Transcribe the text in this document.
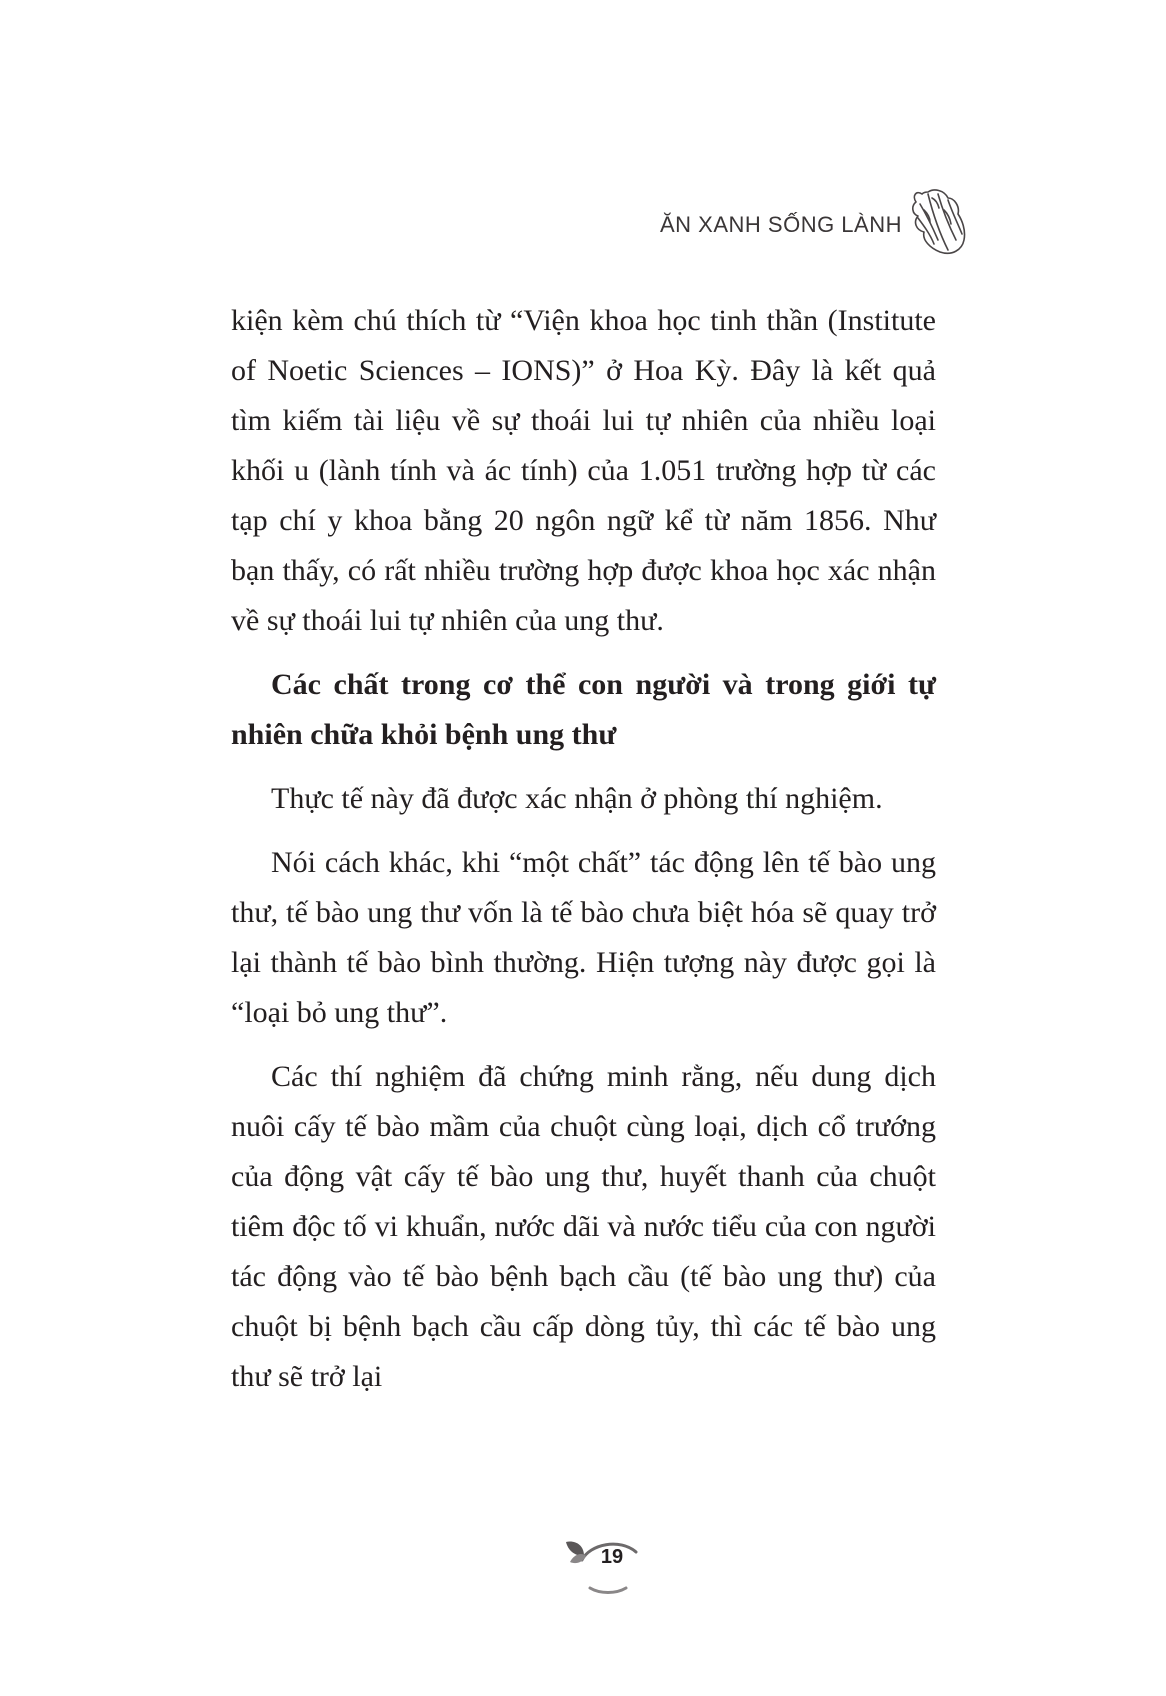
ĂN XANH SỐNG LÀNH

kiện kèm chú thích từ “Viện khoa học tinh thần (Institute of Noetic Sciences – IONS)” ở Hoa Kỳ. Đây là kết quả tìm kiếm tài liệu về sự thoái lui tự nhiên của nhiều loại khối u (lành tính và ác tính) của 1.051 trường hợp từ các tạp chí y khoa bằng 20 ngôn ngữ kể từ năm 1856. Như bạn thấy, có rất nhiều trường hợp được khoa học xác nhận về sự thoái lui tự nhiên của ung thư.

Các chất trong cơ thể con người và trong giới tự nhiên chữa khỏi bệnh ung thư

Thực tế này đã được xác nhận ở phòng thí nghiệm.

Nói cách khác, khi “một chất” tác động lên tế bào ung thư, tế bào ung thư vốn là tế bào chưa biệt hóa sẽ quay trở lại thành tế bào bình thường. Hiện tượng này được gọi là “loại bỏ ung thư”.

Các thí nghiệm đã chứng minh rằng, nếu dung dịch nuôi cấy tế bào mầm của chuột cùng loại, dịch cổ trướng của động vật cấy tế bào ung thư, huyết thanh của chuột tiêm độc tố vi khuẩn, nước dãi và nước tiểu của con người tác động vào tế bào bệnh bạch cầu (tế bào ung thư) của chuột bị bệnh bạch cầu cấp dòng tủy, thì các tế bào ung thư sẽ trở lại

19
